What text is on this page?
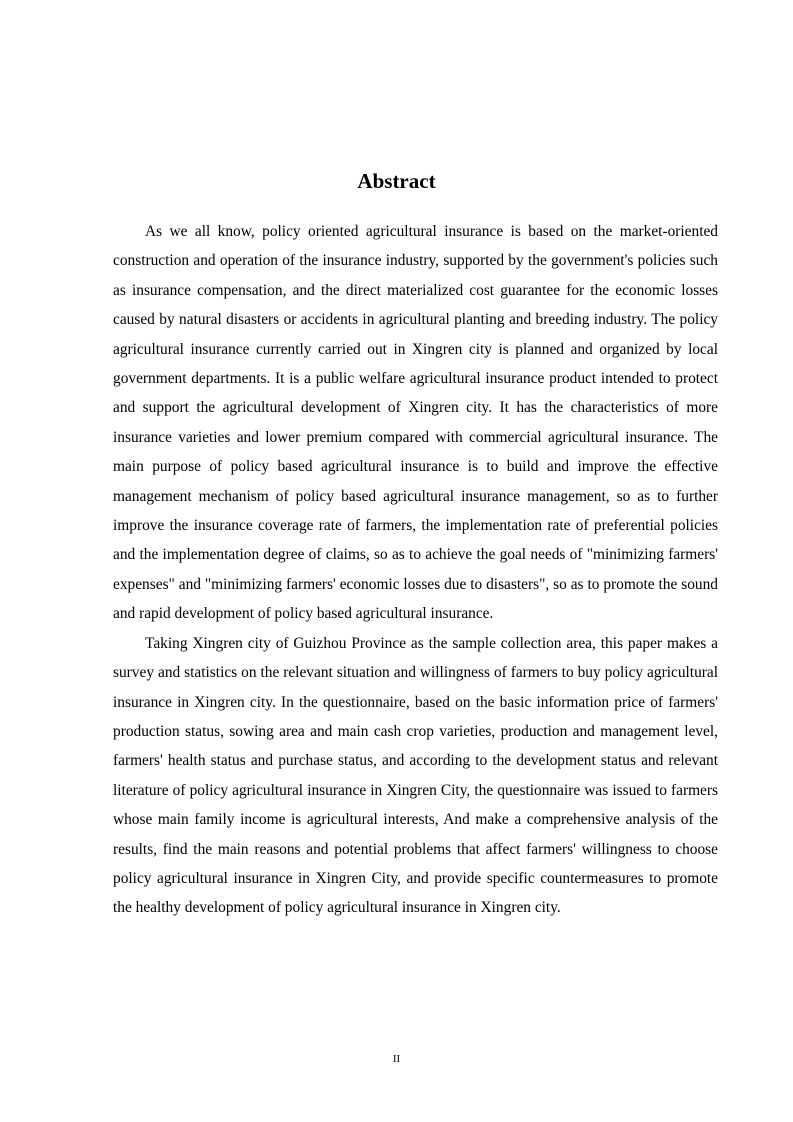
Abstract

As we all know, policy oriented agricultural insurance is based on the market-oriented construction and operation of the insurance industry, supported by the government's policies such as insurance compensation, and the direct materialized cost guarantee for the economic losses caused by natural disasters or accidents in agricultural planting and breeding industry. The policy agricultural insurance currently carried out in Xingren city is planned and organized by local government departments. It is a public welfare agricultural insurance product intended to protect and support the agricultural development of Xingren city. It has the characteristics of more insurance varieties and lower premium compared with commercial agricultural insurance. The main purpose of policy based agricultural insurance is to build and improve the effective management mechanism of policy based agricultural insurance management, so as to further improve the insurance coverage rate of farmers, the implementation rate of preferential policies and the implementation degree of claims, so as to achieve the goal needs of "minimizing farmers' expenses" and "minimizing farmers' economic losses due to disasters", so as to promote the sound and rapid development of policy based agricultural insurance.

Taking Xingren city of Guizhou Province as the sample collection area, this paper makes a survey and statistics on the relevant situation and willingness of farmers to buy policy agricultural insurance in Xingren city. In the questionnaire, based on the basic information price of farmers' production status, sowing area and main cash crop varieties, production and management level, farmers' health status and purchase status, and according to the development status and relevant literature of policy agricultural insurance in Xingren City, the questionnaire was issued to farmers whose main family income is agricultural interests, And make a comprehensive analysis of the results, find the main reasons and potential problems that affect farmers' willingness to choose policy agricultural insurance in Xingren City, and provide specific countermeasures to promote the healthy development of policy agricultural insurance in Xingren city.

II
